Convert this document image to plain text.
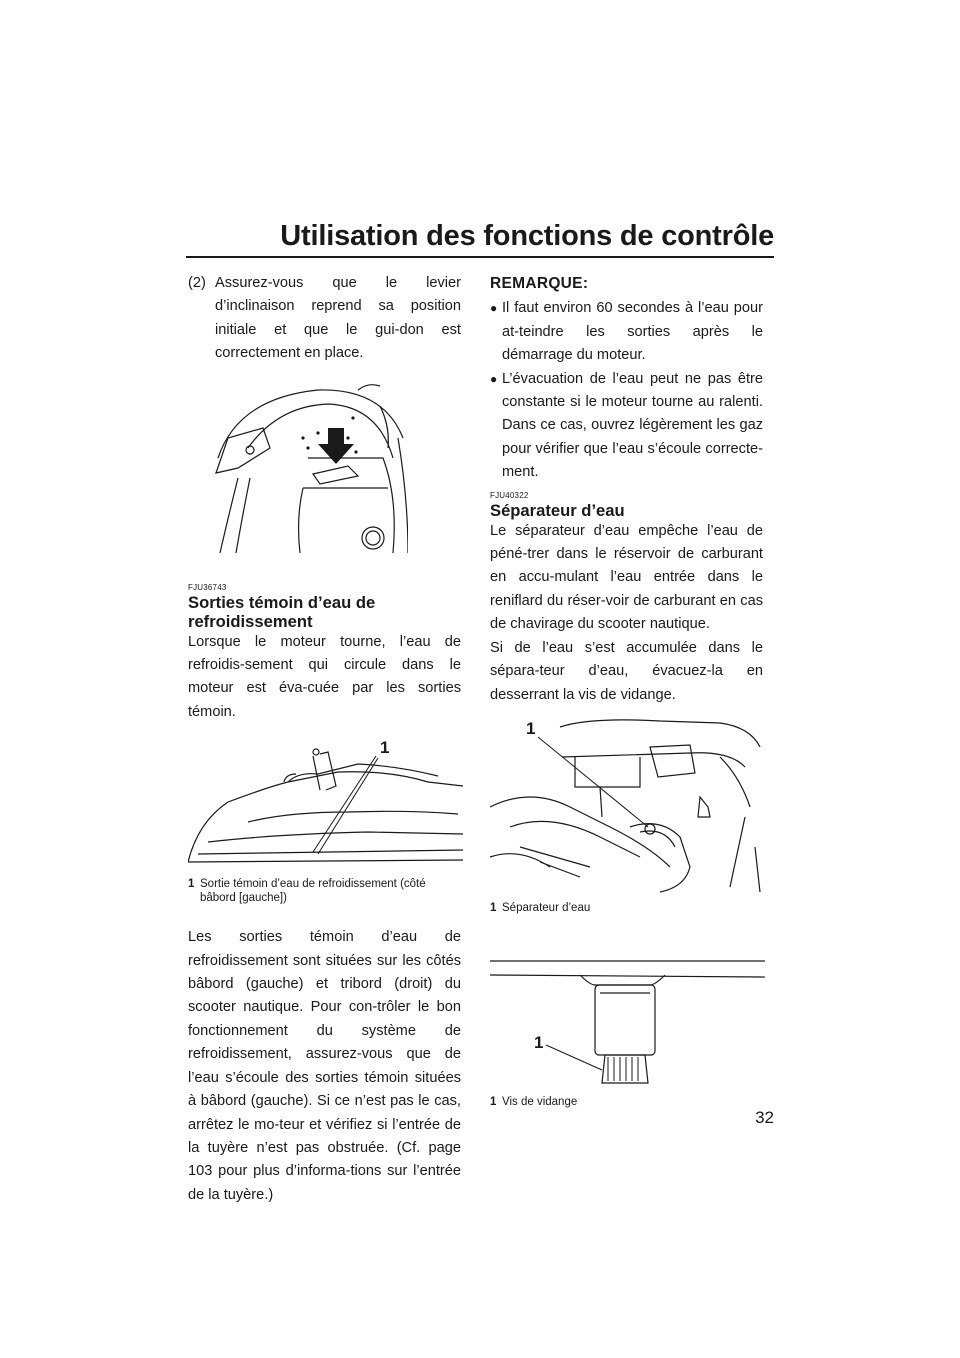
Utilisation des fonctions de contrôle
(2) Assurez-vous que le levier d’inclinaison reprend sa position initiale et que le gui-don est correctement en place.

FJU36743

Sorties témoin d’eau de refroidissement

Lorsque le moteur tourne, l’eau de refroidis-sement qui circule dans le moteur est éva-cuée par les sorties témoin.

1
1 Sortie témoin d’eau de refroidissement (côté bâbord [gauche])

Les sorties témoin d’eau de refroidissement sont situées sur les côtés bâbord (gauche) et tribord (droit) du scooter nautique. Pour con-trôler le bon fonctionnement du système de refroidissement, assurez-vous que de l’eau s’écoule des sorties témoin situées à bâbord (gauche). Si ce n’est pas le cas, arrêtez le mo-teur et vérifiez si l’entrée de la tuyère n’est pas obstruée. (Cf. page 103 pour plus d’informa-tions sur l’entrée de la tuyère.)

REMARQUE:
● Il faut environ 60 secondes à l’eau pour at-teindre les sorties après le démarrage du moteur.
● L’évacuation de l’eau peut ne pas être constante si le moteur tourne au ralenti. Dans ce cas, ouvrez légèrement les gaz pour vérifier que l’eau s’écoule correcte-ment.

FJU40322

Séparateur d’eau

Le séparateur d’eau empêche l’eau de péné-trer dans le réservoir de carburant en accu-mulant l’eau entrée dans le reniflard du réser-voir de carburant en cas de chavirage du scooter nautique.

Si de l’eau s’est accumulée dans le sépara-teur d’eau, évacuez-la en desserrant la vis de vidange.

1
1 Séparateur d’eau
1
1 Vis de vidange
32
